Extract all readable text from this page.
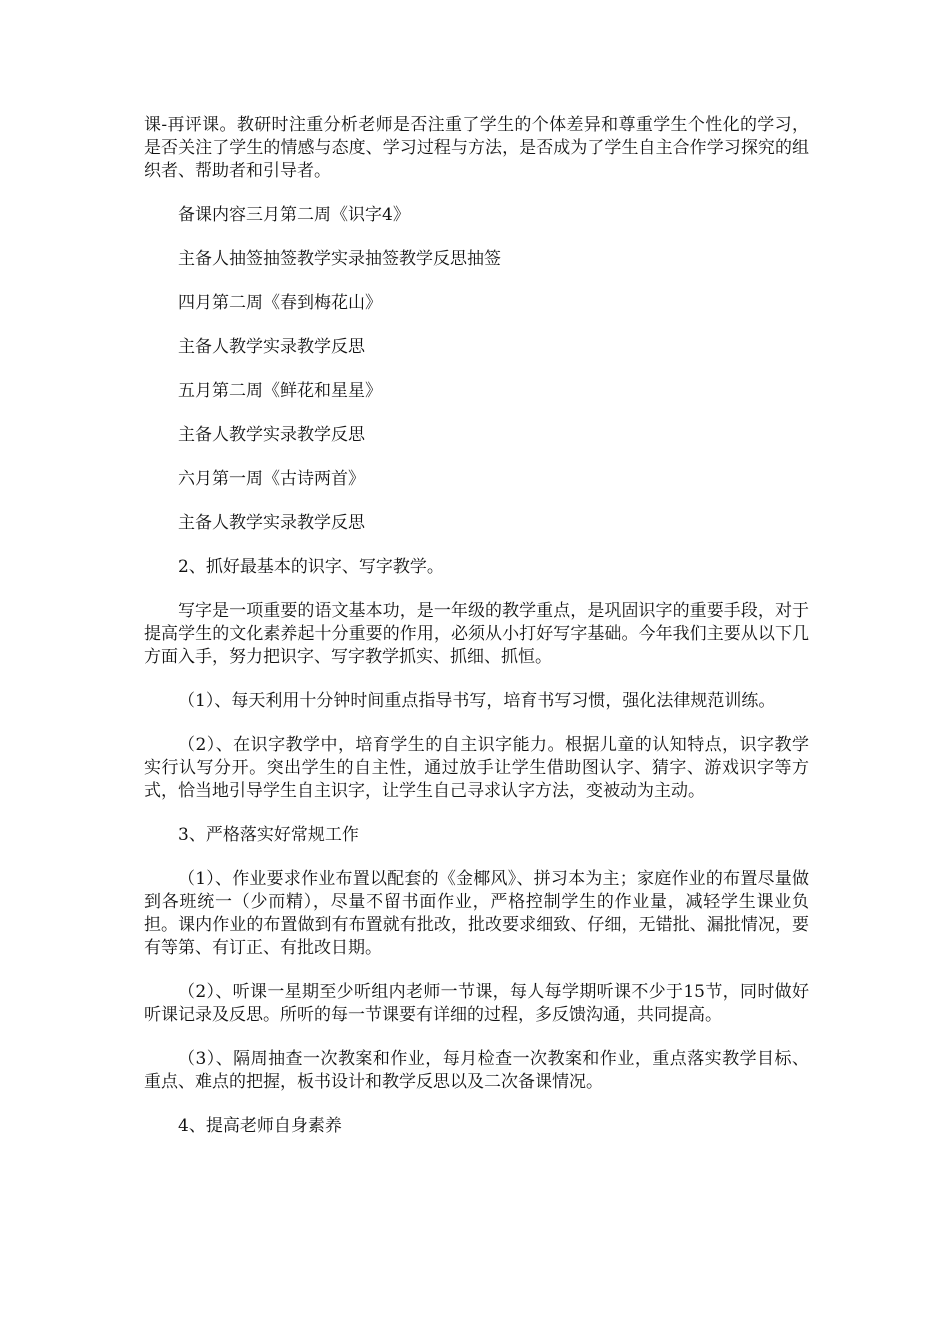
课-再评课。教研时注重分析老师是否注重了学生的个体差异和尊重学生个性化的学习，是否关注了学生的情感与态度、学习过程与方法，是否成为了学生自主合作学习探究的组织者、帮助者和引导者。

备课内容三月第二周《识字4》

主备人抽签抽签教学实录抽签教学反思抽签

四月第二周《春到梅花山》

主备人教学实录教学反思

五月第二周《鲜花和星星》

主备人教学实录教学反思

六月第一周《古诗两首》

主备人教学实录教学反思

2、抓好最基本的识字、写字教学。

写字是一项重要的语文基本功，是一年级的教学重点，是巩固识字的重要手段，对于提高学生的文化素养起十分重要的作用，必须从小打好写字基础。今年我们主要从以下几方面入手，努力把识字、写字教学抓实、抓细、抓恒。

（1）、每天利用十分钟时间重点指导书写，培育书写习惯，强化法律规范训练。

（2）、在识字教学中，培育学生的自主识字能力。根据儿童的认知特点，识字教学实行认写分开。突出学生的自主性，通过放手让学生借助图认字、猜字、游戏识字等方式，恰当地引导学生自主识字，让学生自己寻求认字方法，变被动为主动。

3、严格落实好常规工作

（1）、作业要求作业布置以配套的《金椰风》、拼习本为主；家庭作业的布置尽量做到各班统一（少而精），尽量不留书面作业，严格控制学生的作业量，减轻学生课业负担。课内作业的布置做到有布置就有批改，批改要求细致、仔细，无错批、漏批情况，要有等第、有订正、有批改日期。

（2）、听课一星期至少听组内老师一节课，每人每学期听课不少于15节，同时做好听课记录及反思。所听的每一节课要有详细的过程，多反馈沟通，共同提高。

（3）、隔周抽查一次教案和作业，每月检查一次教案和作业，重点落实教学目标、重点、难点的把握，板书设计和教学反思以及二次备课情况。

4、提高老师自身素养
